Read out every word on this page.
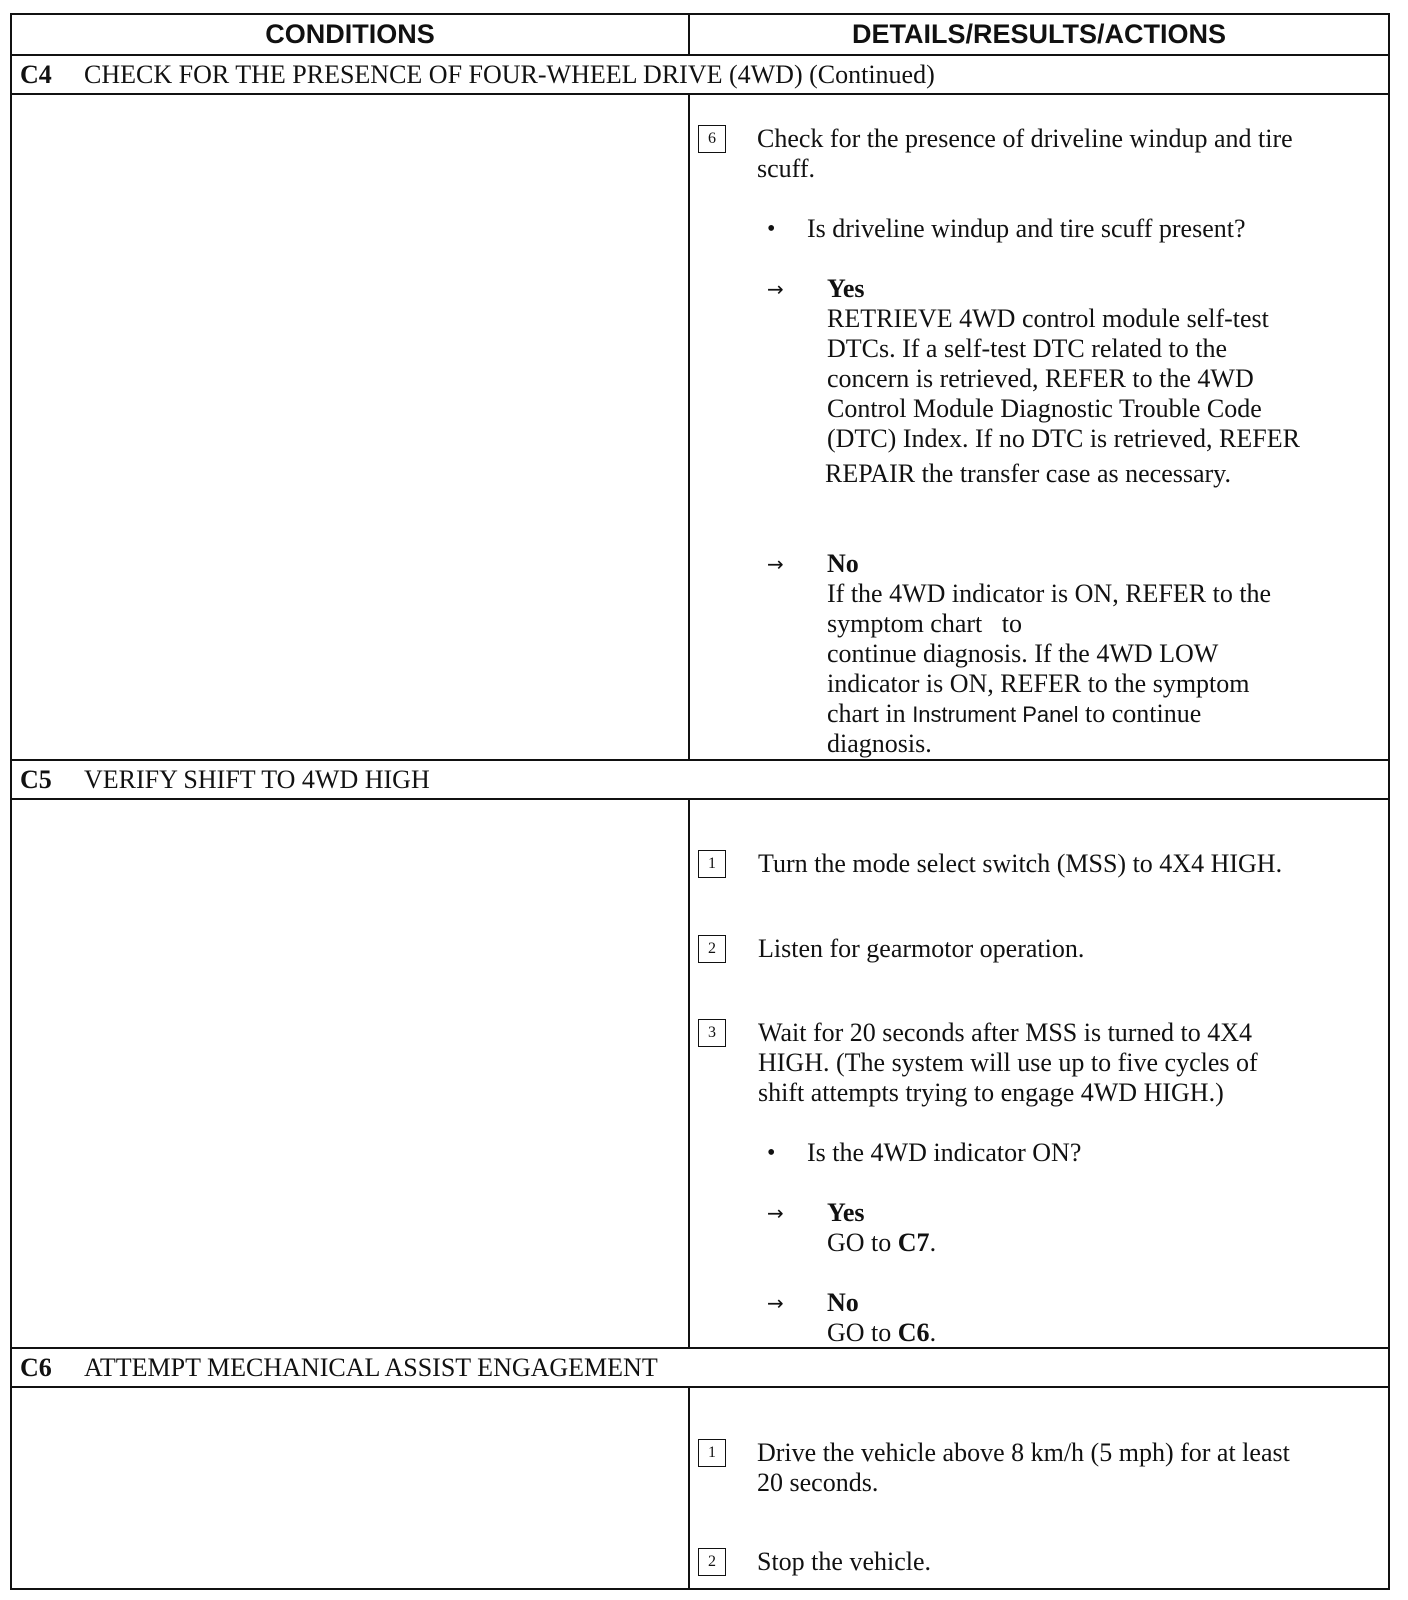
CONDITIONS	DETAILS/RESULTS/ACTIONS
C4 CHECK FOR THE PRESENCE OF FOUR-WHEEL DRIVE (4WD) (Continued)
6	Check for the presence of driveline windup and tire
scuff.
• Is driveline windup and tire scuff present?
→ Yes
RETRIEVE 4WD control module self-test
DTCs. If a self-test DTC related to the
concern is retrieved, REFER to the 4WD
Control Module Diagnostic Trouble Code
(DTC) Index. If no DTC is retrieved, REFER
REPAIR the transfer case as necessary.
→ No
If the 4WD indicator is ON, REFER to the
symptom chart to
continue diagnosis. If the 4WD LOW
indicator is ON, REFER to the symptom
chart in Instrument Panel to continue
diagnosis.
C5 VERIFY SHIFT TO 4WD HIGH
1	Turn the mode select switch (MSS) to 4X4 HIGH.
2	Listen for gearmotor operation.
3	Wait for 20 seconds after MSS is turned to 4X4
HIGH. (The system will use up to five cycles of
shift attempts trying to engage 4WD HIGH.)
• Is the 4WD indicator ON?
→ Yes
GO to C7.
→ No
GO to C6.
C6 ATTEMPT MECHANICAL ASSIST ENGAGEMENT
1	Drive the vehicle above 8 km/h (5 mph) for at least
20 seconds.
2	Stop the vehicle.
